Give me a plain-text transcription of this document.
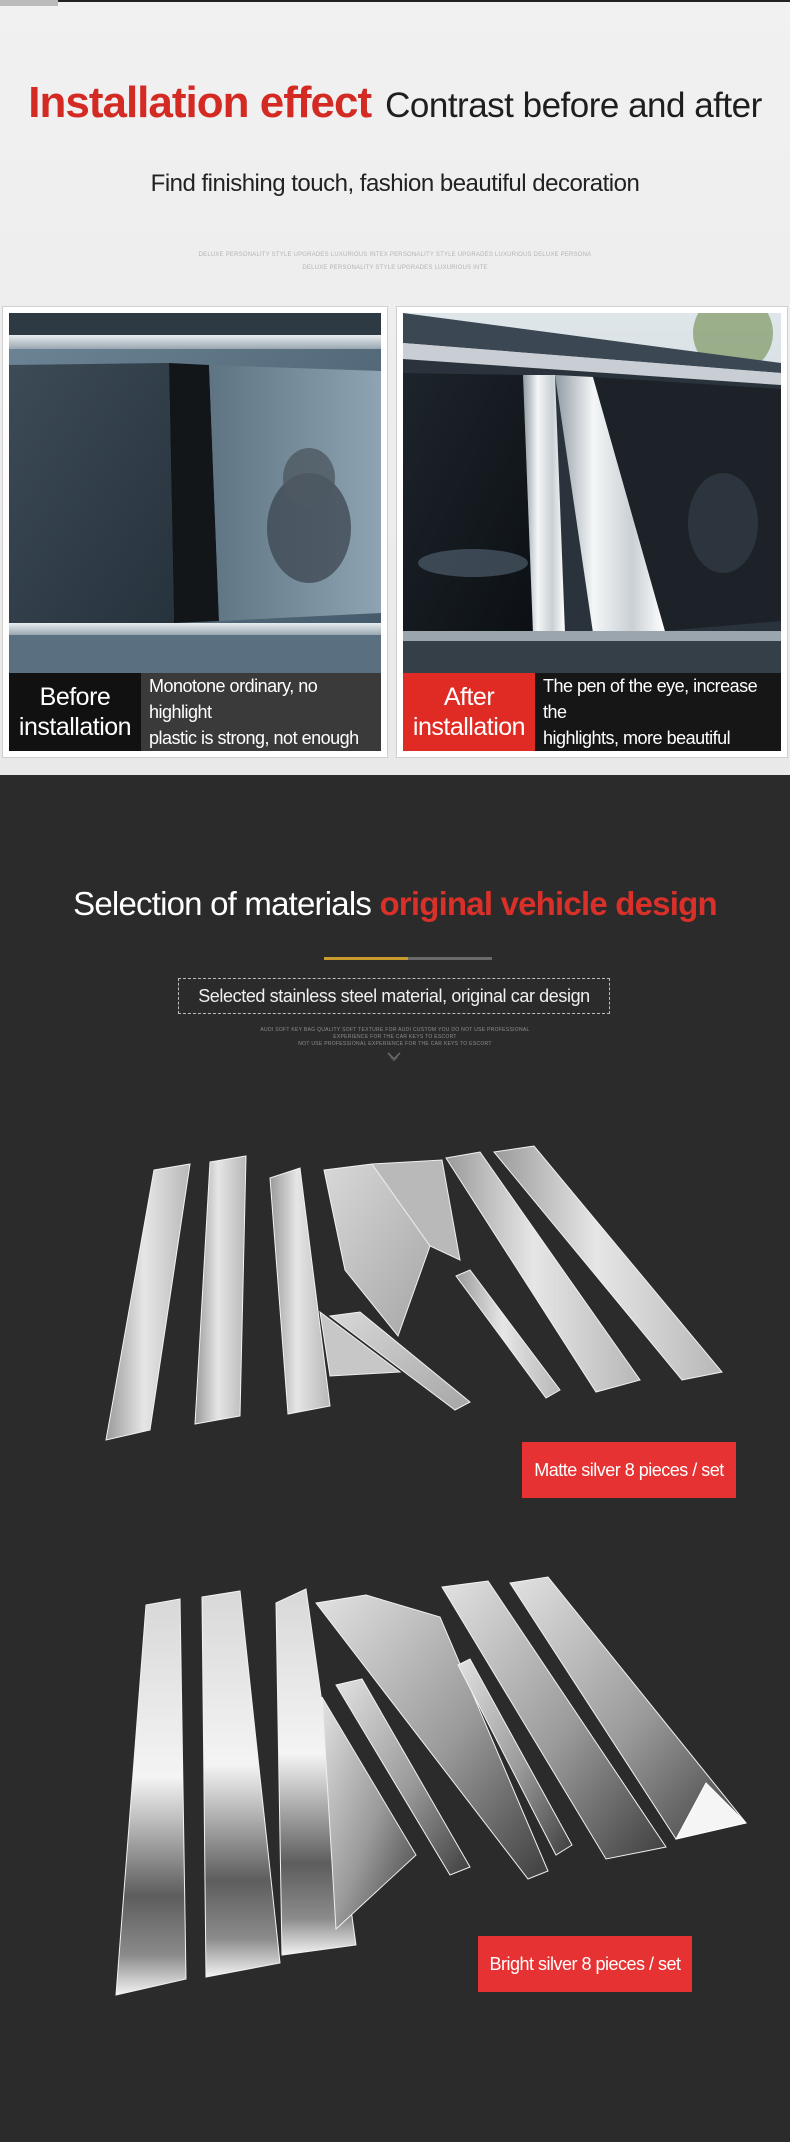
Installation effect Contrast before and after
Find finishing touch, fashion beautiful decoration
DELUXE PERSONALITY STYLE UPGRADES LUXURIOUS INTEX PERSONALITY STYLE UPGRADES LUXURIOUS DELUXE PERSONA
DELUXE PERSONALITY STYLE UPGRADES LUXURIOUS INTE
Before
installation
Monotone ordinary, no highlight
plastic is strong, not enough
After
installation
The pen of the eye, increase the
highlights, more beautiful
Selection of materials original vehicle design
Selected stainless steel material, original car design
AUDI SOFT KEY BAG QUALITY SOFT TEXTURE FOR AUDI CUSTOM YOU DO NOT USE PROFESSIONAL
EXPERIENCE FOR THE CAR KEYS TO ESCORT
NOT USE PROFESSIONAL EXPERIENCE FOR THE CAR KEYS TO ESCORT
Matte silver 8 pieces / set
Bright silver 8 pieces / set
